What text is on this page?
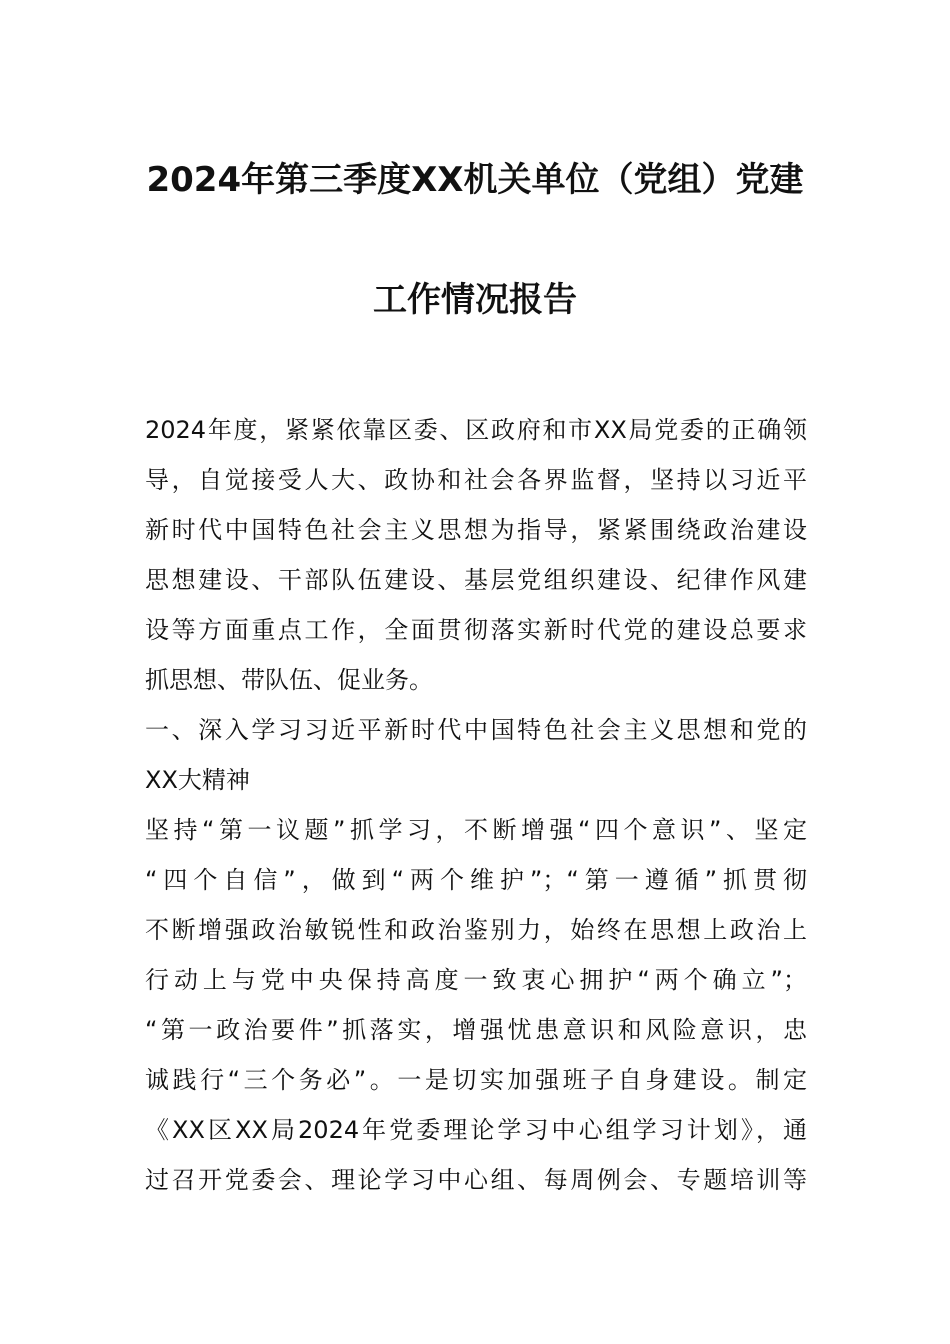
2024年第三季度XX机关单位（党组）党建
工作情况报告
2024年度，紧紧依靠区委、区政府和市XX局党委的正确领
导，自觉接受人大、政协和社会各界监督，坚持以习近平
新时代中国特色社会主义思想为指导，紧紧围绕政治建设
思想建设、干部队伍建设、基层党组织建设、纪律作风建
设等方面重点工作，全面贯彻落实新时代党的建设总要求
抓思想、带队伍、促业务。
一、深入学习习近平新时代中国特色社会主义思想和党的
XX大精神
坚持“第一议题”抓学习，不断增强“四个意识”、坚定
“四个自信”，做到“两个维护”；“第一遵循”抓贯彻
不断增强政治敏锐性和政治鉴别力，始终在思想上政治上
行动上与党中央保持高度一致衷心拥护“两个确立”；
“第一政治要件”抓落实，增强忧患意识和风险意识，忠
诚践行“三个务必”。一是切实加强班子自身建设。制定
《XX区XX局2024年党委理论学习中心组学习计划》，通
过召开党委会、理论学习中心组、每周例会、专题培训等
